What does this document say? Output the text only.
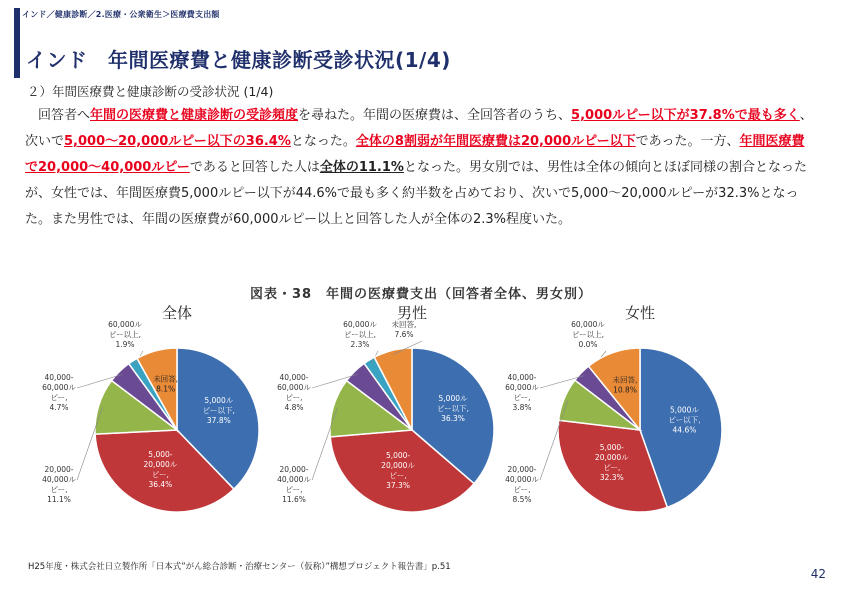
インド／健康診断／2.医療・公衆衛生＞医療費支出額
インド　年間医療費と健康診断受診状況(1/4)
２）年間医療費と健康診断の受診状況 (1/4)

回答者へ年間の医療費と健康診断の受診頻度を尋ねた。年間の医療費は、全回答者のうち、5,000ルピー以下が37.8%で最も多く、次いで5,000～20,000ルピー以下の36.4%となった。全体の8割弱が年間医療費は20,000ルピー以下であった。一方、年間医療費で20,000～40,000ルピーであると回答した人は全体の11.1%となった。男女別では、男性は全体の傾向とほぼ同様の割合となったが、女性では、年間医療費5,000ルピー以下が44.6%で最も多く約半数を占めており、次いで5,000～20,000ルピーが32.3%となった。また男性では、年間の医療費が60,000ルピー以上と回答した人が全体の2.3%程度いた。

図表・38　年間の医療費支出（回答者全体、男女別）
全体
5,000ルピー以下, 37.8%
5,000-20,000ルピー, 36.4%
20,000-40,000ルピー, 11.1%
40,000-60,000ルピー, 4.7%
60,000ルピー以上, 1.9%
未回答, 8.1%
男性
5,000ルピー以下, 36.3%
5,000-20,000ルピー, 37.3%
20,000-40,000ルピー, 11.6%
40,000-60,000ルピー, 4.8%
60,000ルピー以上, 2.3%
未回答, 7.6%
女性
5,000ルピー以下, 44.6%
5,000-20,000ルピー, 32.3%
20,000-40,000ルピー, 8.5%
40,000-60,000ルピー, 3.8%
60,000ルピー以上, 0.0%
未回答, 10.8%
H25年度・株式会社日立製作所「日本式”がん総合診断・治療センター（仮称）”構想プロジェクト報告書」p.51	42
